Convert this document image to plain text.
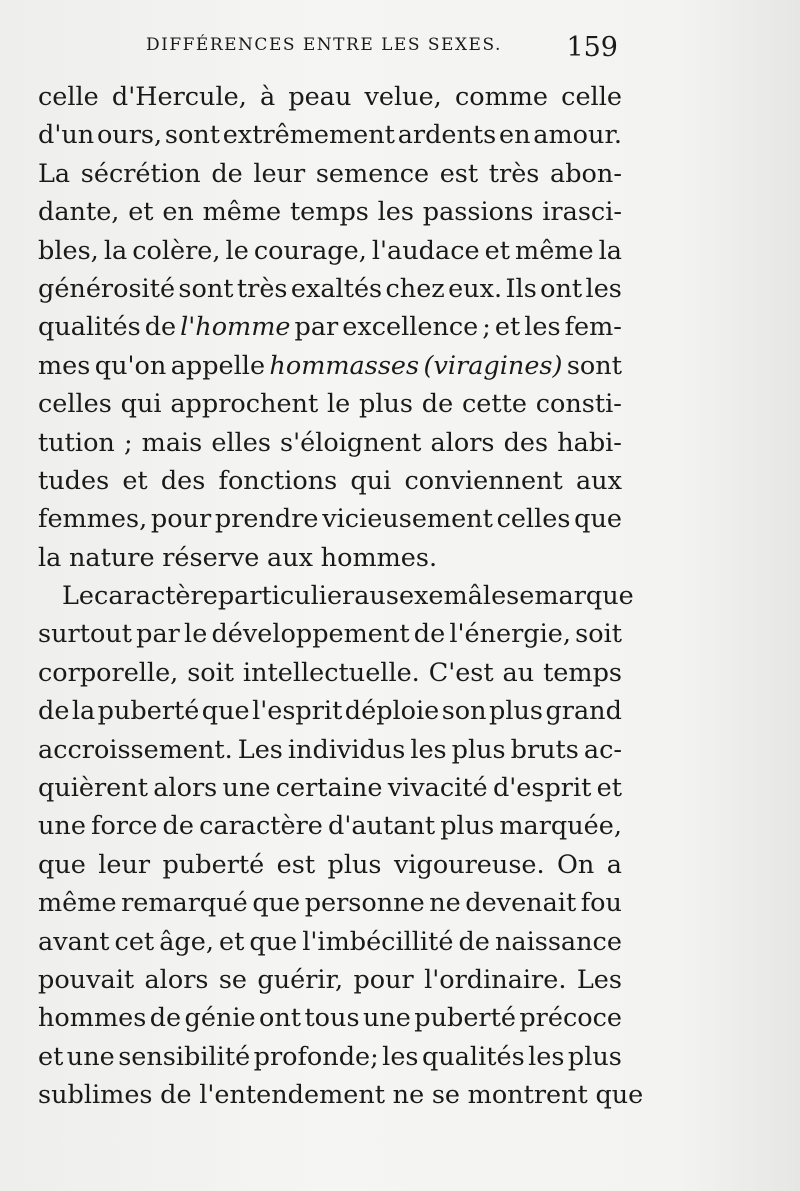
DIFFÉRENCES ENTRE LES SEXES. 159
celle d'Hercule, à peau velue, comme celle
d'un ours, sont extrêmement ardents en amour.
La sécrétion de leur semence est très abon-
dante, et en même temps les passions irasci-
bles, la colère, le courage, l'audace et même la
générosité sont très exaltés chez eux. Ils ont les
qualités de l'homme par excellence ; et les fem-
mes qu'on appelle hommasses (viragines) sont
celles qui approchent le plus de cette consti-
tution ; mais elles s'éloignent alors des habi-
tudes et des fonctions qui conviennent aux
femmes, pour prendre vicieusement celles que
la nature réserve aux hommes.
Le caractère particulier au sexe mâle se marque
surtout par le développement de l'énergie, soit
corporelle, soit intellectuelle. C'est au temps
de la puberté que l'esprit déploie son plus grand
accroissement. Les individus les plus bruts ac-
quièrent alors une certaine vivacité d'esprit et
une force de caractère d'autant plus marquée,
que leur puberté est plus vigoureuse. On a
même remarqué que personne ne devenait fou
avant cet âge, et que l'imbécillité de naissance
pouvait alors se guérir, pour l'ordinaire. Les
hommes de génie ont tous une puberté précoce
et une sensibilité profonde; les qualités les plus
sublimes de l'entendement ne se montrent que
